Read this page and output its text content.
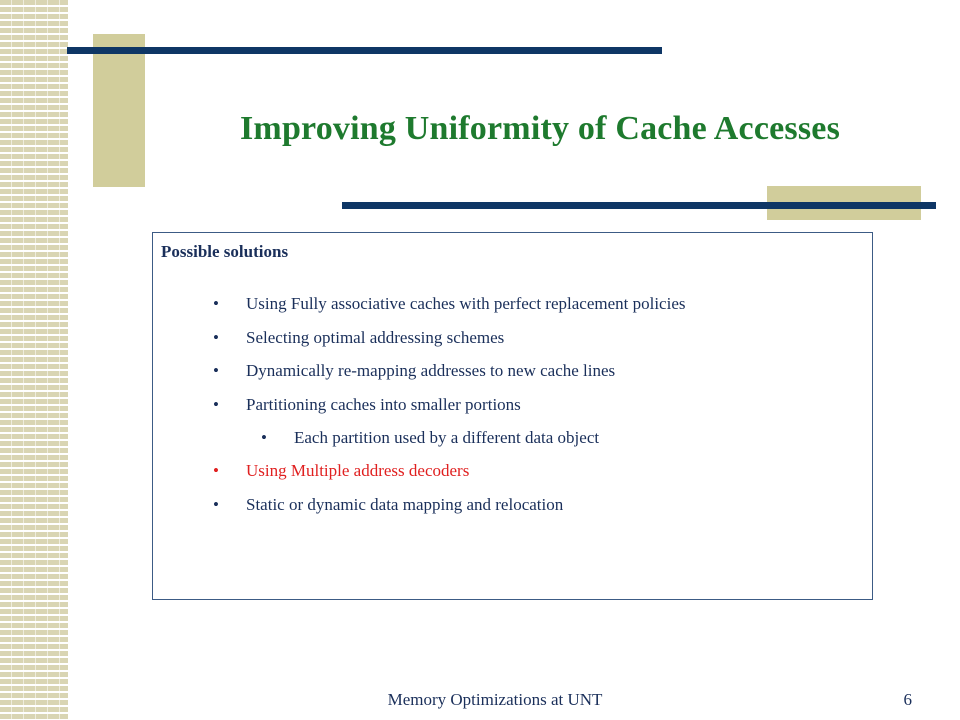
Improving Uniformity of Cache Accesses

Possible solutions

• Using Fully associative caches with perfect replacement policies
• Selecting optimal addressing schemes
• Dynamically re-mapping addresses to new cache lines
• Partitioning caches into smaller portions
• Each partition used by a different data object
• Using Multiple address decoders
• Static or dynamic data mapping and relocation
Memory Optimizations at UNT	6
